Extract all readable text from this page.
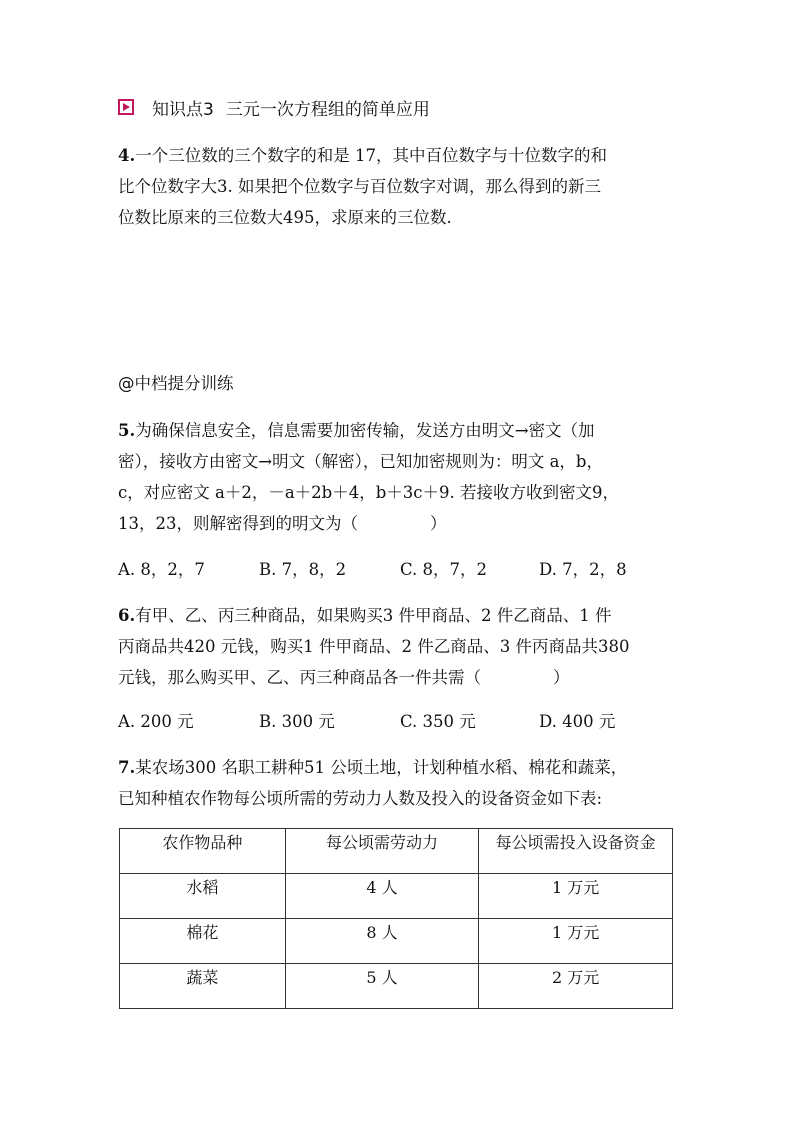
知识点3 三元一次方程组的简单应用
4.一个三位数的三个数字的和是 17，其中百位数字与十位数字的和
比个位数字大3. 如果把个位数字与百位数字对调，那么得到的新三
位数比原来的三位数大495，求原来的三位数.
@中档提分训练
5.为确保信息安全，信息需要加密传输，发送方由明文→密文（加
密），接收方由密文→明文（解密），已知加密规则为：明文 a，b，
c，对应密文 a＋2，－a＋2b＋4，b＋3c＋9. 若接收方收到密文9，
13，23，则解密得到的明文为（	）
A. 8，2，7	B. 7，8，2	C. 8，7，2	D. 7，2，8
6.有甲、乙、丙三种商品，如果购买3 件甲商品、2 件乙商品、1 件
丙商品共420 元钱，购买1 件甲商品、2 件乙商品、3 件丙商品共380
元钱，那么购买甲、乙、丙三种商品各一件共需（	）
A. 200 元	B. 300 元	C. 350 元	D. 400 元
7.某农场300 名职工耕种51 公顷土地，计划种植水稻、棉花和蔬菜，
已知种植农作物每公顷所需的劳动力人数及投入的设备资金如下表:
农作物品种	每公顷需劳动力	每公顷需投入设备资金
水稻	4 人	1 万元
棉花	8 人	1 万元
蔬菜	5 人	2 万元
